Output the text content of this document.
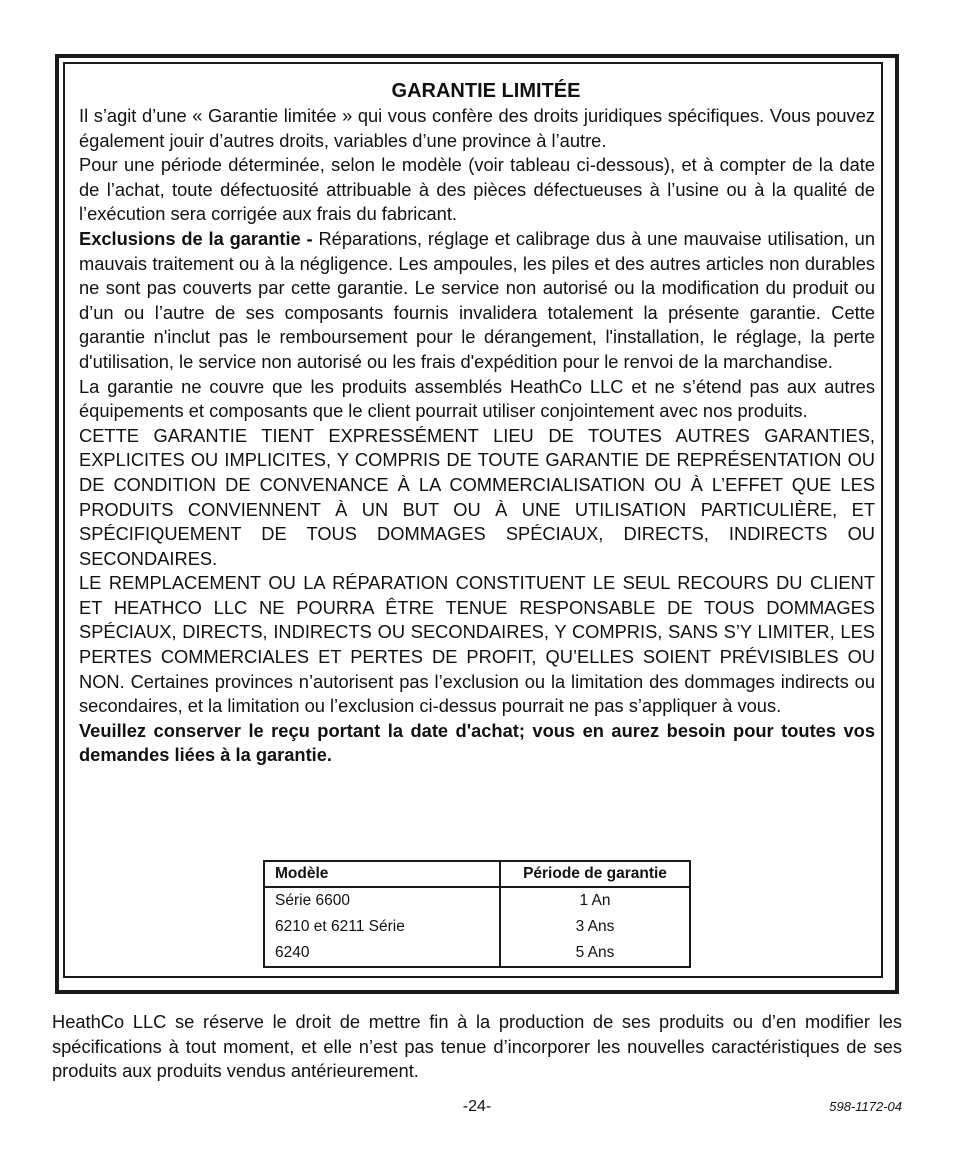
GARANTIE LIMITÉE

Il s’agit d’une « Garantie limitée » qui vous confère des droits juridiques spécifiques. Vous pouvez également jouir d’autres droits, variables d’une province à l’autre.

Pour une période déterminée, selon le modèle (voir tableau ci-dessous), et à compter de la date de l’achat, toute défectuosité attribuable à des pièces défectueuses à l’usine ou à la qualité de l’exécution sera corrigée aux frais du fabricant.

Exclusions de la garantie - Réparations, réglage et calibrage dus à une mauvaise utilisation, un mauvais traitement ou à la négligence. Les ampoules, les piles et des autres articles non durables ne sont pas couverts par cette garantie. Le service non autorisé ou la modification du produit ou d’un ou l’autre de ses composants fournis invalidera totalement la présente garantie. Cette garantie n'inclut pas le remboursement pour le dérangement, l'installation, le réglage, la perte d'utilisation, le service non autorisé ou les frais d'expédition pour le renvoi de la marchandise.

La garantie ne couvre que les produits assemblés HeathCo LLC et ne s’étend pas aux autres équipements et composants que le client pourrait utiliser conjointement avec nos produits.

CETTE GARANTIE TIENT EXPRESSÉMENT LIEU DE TOUTES AUTRES GARANTIES, EXPLICITES OU IMPLICITES, Y COMPRIS DE TOUTE GARANTIE DE REPRÉSENTATION OU DE CONDITION DE CONVENANCE À LA COMMERCIALISATION OU À L’EFFET QUE LES PRODUITS CONVIENNENT À UN BUT OU À UNE UTILISATION PARTICULIÈRE, ET SPÉCIFIQUEMENT DE TOUS DOMMAGES SPÉCIAUX, DIRECTS, INDIRECTS OU SECONDAIRES.

LE REMPLACEMENT OU LA RÉPARATION CONSTITUENT LE SEUL RECOURS DU CLIENT ET HEATHCO LLC NE POURRA ÊTRE TENUE RESPONSABLE DE TOUS DOMMAGES SPÉCIAUX, DIRECTS, INDIRECTS OU SECONDAIRES, Y COMPRIS, SANS S’Y LIMITER, LES PERTES COMMERCIALES ET PERTES DE PROFIT, QU’ELLES SOIENT PRÉVISIBLES OU NON. Certaines provinces n’autorisent pas l’exclusion ou la limitation des dommages indirects ou secondaires, et la limitation ou l’exclusion ci-dessus pourrait ne pas s’appliquer à vous.

Veuillez conserver le reçu portant la date d'achat; vous en aurez besoin pour toutes vos demandes liées à la garantie.

Modèle	Période de garantie
Série 6600	1 An
6210 et 6211 Série	3 Ans
6240	5 Ans

HeathCo LLC se réserve le droit de mettre fin à la production de ses produits ou d’en modifier les spécifications à tout moment, et elle n’est pas tenue d’incorporer les nouvelles caractéristiques de ses produits aux produits vendus antérieurement.

-24-	598-1172-04
